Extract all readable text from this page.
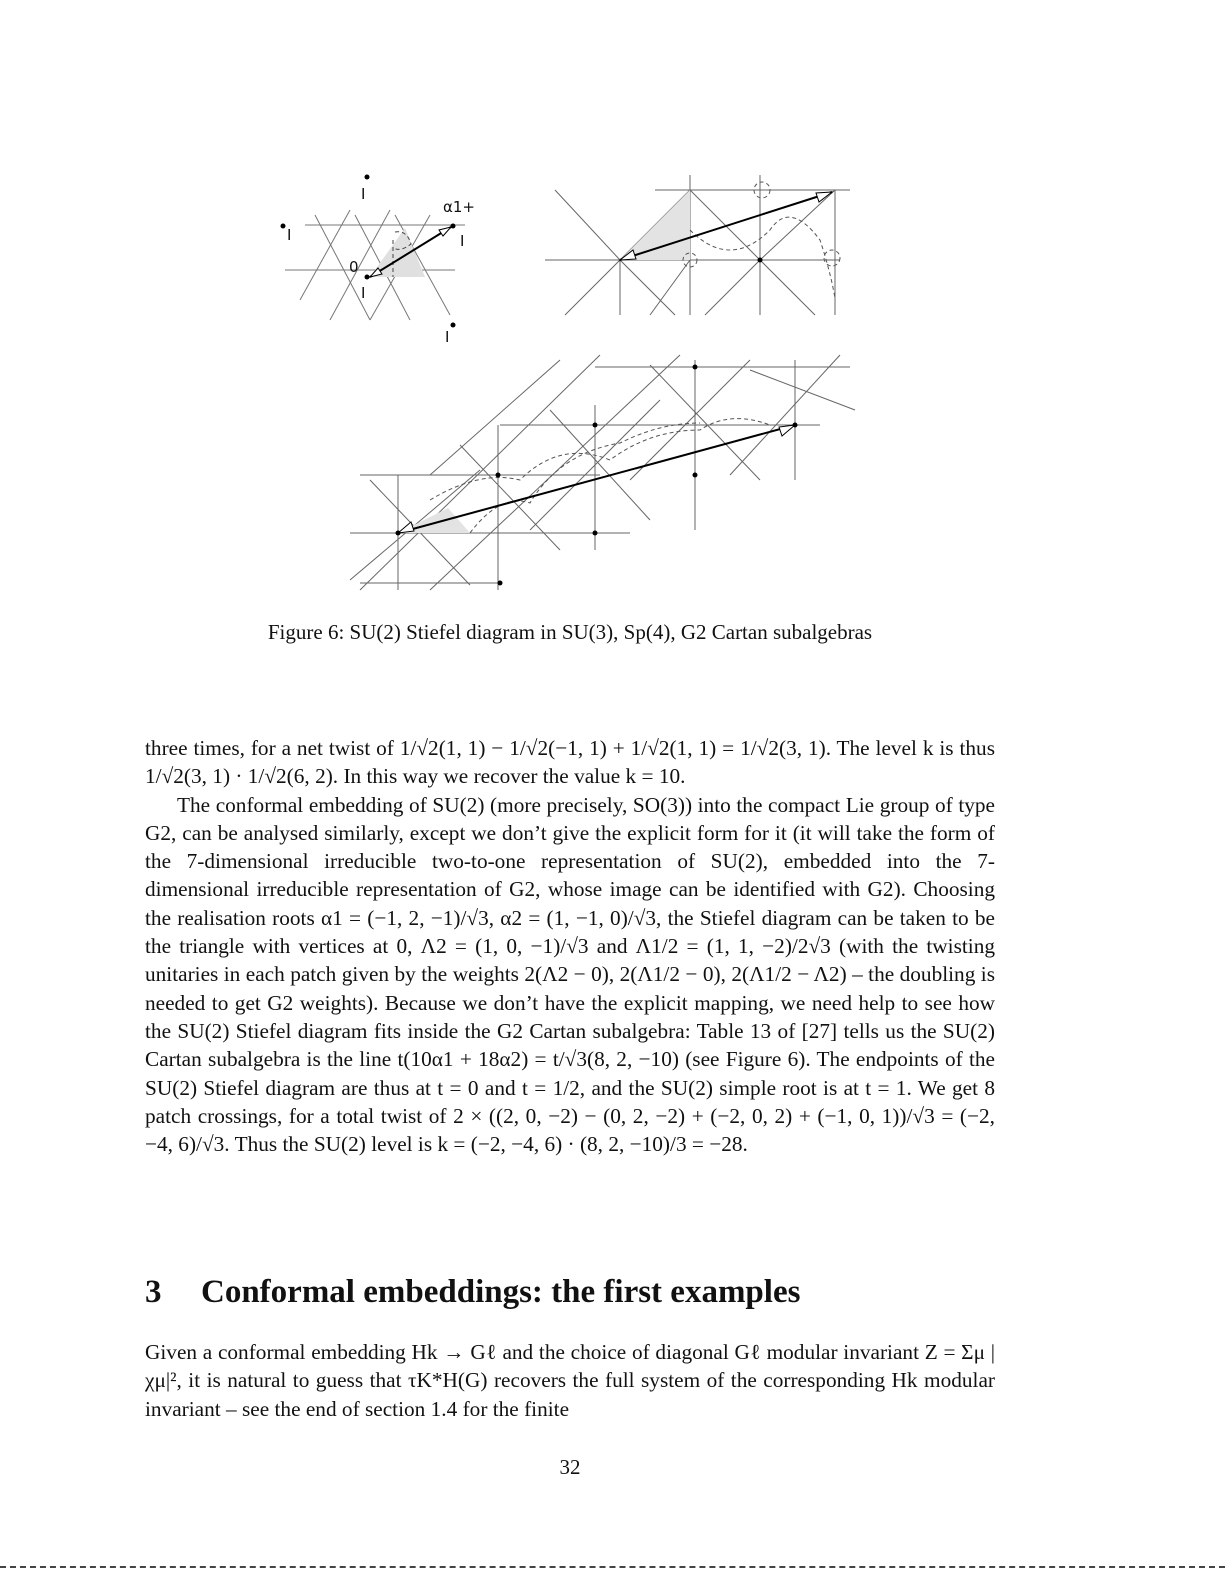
I
I	I
I
I
0
α1+
Figure 6: SU(2) Stiefel diagram in SU(3), Sp(4), G2 Cartan subalgebras

three times, for a net twist of 1/√2(1, 1) − 1/√2(−1, 1) + 1/√2(1, 1) = 1/√2(3, 1). The level k is thus 1/√2(3, 1) · 1/√2(6, 2). In this way we recover the value k = 10.

The conformal embedding of SU(2) (more precisely, SO(3)) into the compact Lie group of type G2, can be analysed similarly, except we don’t give the explicit form for it (it will take the form of the 7-dimensional irreducible two-to-one representation of SU(2), embedded into the 7-dimensional irreducible representation of G2, whose image can be identified with G2). Choosing the realisation roots α1 = (−1, 2, −1)/√3, α2 = (1, −1, 0)/√3, the Stiefel diagram can be taken to be the triangle with vertices at 0, Λ2 = (1, 0, −1)/√3 and Λ1/2 = (1, 1, −2)/2√3 (with the twisting unitaries in each patch given by the weights 2(Λ2 − 0), 2(Λ1/2 − 0), 2(Λ1/2 − Λ2) – the doubling is needed to get G2 weights). Because we don’t have the explicit mapping, we need help to see how the SU(2) Stiefel diagram fits inside the G2 Cartan subalgebra: Table 13 of [27] tells us the SU(2) Cartan subalgebra is the line t(10α1 + 18α2) = t/√3(8, 2, −10) (see Figure 6). The endpoints of the SU(2) Stiefel diagram are thus at t = 0 and t = 1/2, and the SU(2) simple root is at t = 1. We get 8 patch crossings, for a total twist of 2 × ((2, 0, −2) − (0, 2, −2) + (−2, 0, 2) + (−1, 0, 1))/√3 = (−2, −4, 6)/√3. Thus the SU(2) level is k = (−2, −4, 6) · (8, 2, −10)/3 = −28.

3 Conformal embeddings: the first examples

Given a conformal embedding Hk → Gℓ and the choice of diagonal Gℓ modular invariant Z = Σμ |χμ|², it is natural to guess that τK*H(G) recovers the full system of the corresponding Hk modular invariant – see the end of section 1.4 for the finite

32
